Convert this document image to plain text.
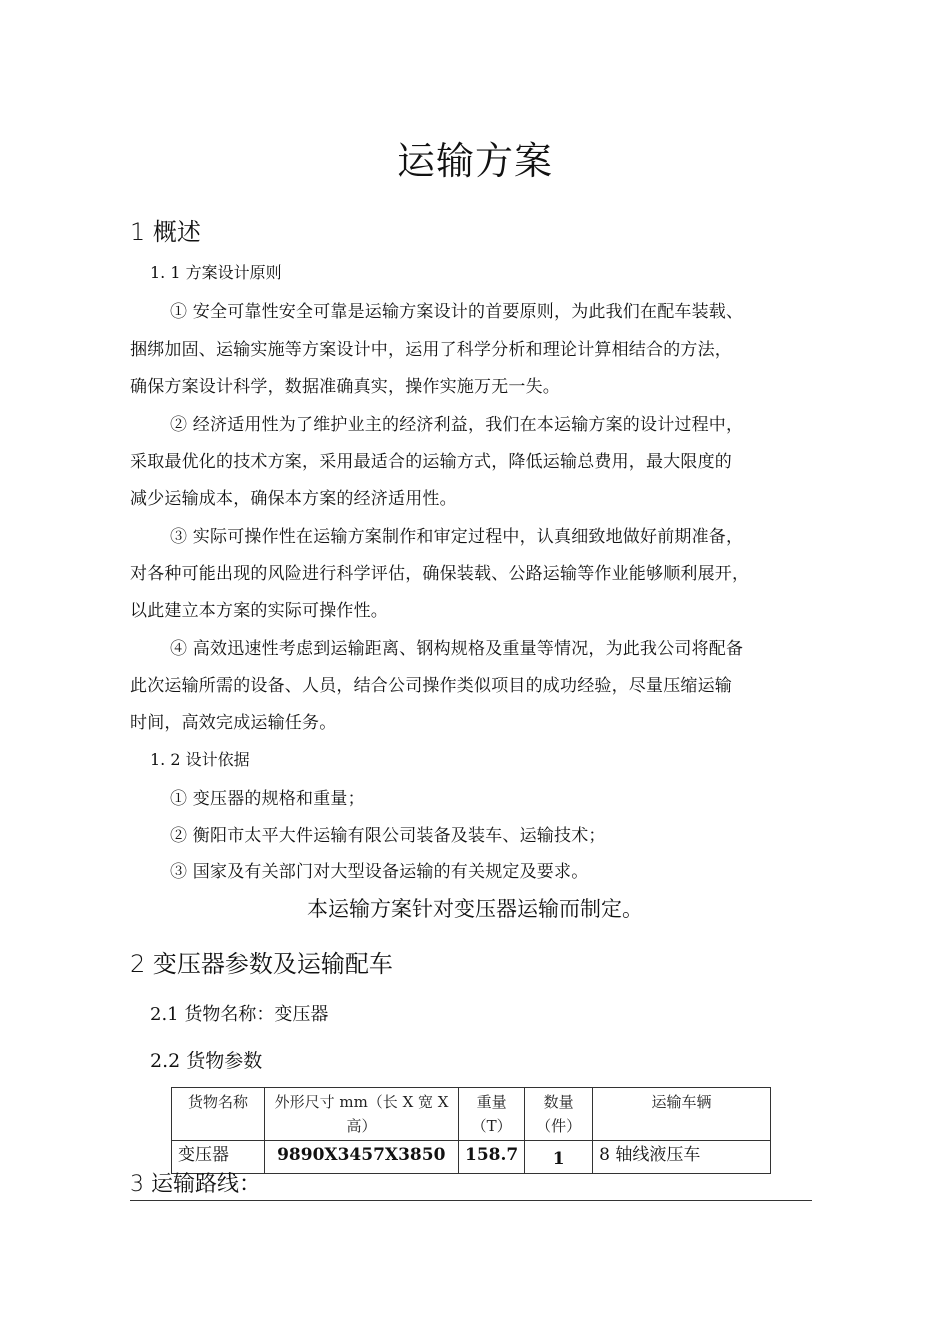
运输方案
1 概述
1. 1 方案设计原则
① 安全可靠性安全可靠是运输方案设计的首要原则，为此我们在配车装载、
捆绑加固、运输实施等方案设计中，运用了科学分析和理论计算相结合的方法，
确保方案设计科学，数据准确真实，操作实施万无一失。
② 经济适用性为了维护业主的经济利益，我们在本运输方案的设计过程中，
采取最优化的技术方案，采用最适合的运输方式，降低运输总费用，最大限度的
减少运输成本，确保本方案的经济适用性。
③ 实际可操作性在运输方案制作和审定过程中，认真细致地做好前期准备，
对各种可能出现的风险进行科学评估，确保装载、公路运输等作业能够顺利展开，
以此建立本方案的实际可操作性。
④ 高效迅速性考虑到运输距离、钢构规格及重量等情况，为此我公司将配备
此次运输所需的设备、人员，结合公司操作类似项目的成功经验，尽量压缩运输
时间，高效完成运输任务。
1. 2 设计依据
① 变压器的规格和重量；
② 衡阳市太平大件运输有限公司装备及装车、运输技术；
③ 国家及有关部门对大型设备运输的有关规定及要求。
本运输方案针对变压器运输而制定。
2 变压器参数及运输配车
2.1 货物名称：变压器
2.2 货物参数
货物名称	外形尺寸 mm（长 X 宽 X 高）	重量（T）	数量（件）	运输车辆
变压器	9890X3457X3850	158.7	1	8 轴线液压车
3 运输路线：
